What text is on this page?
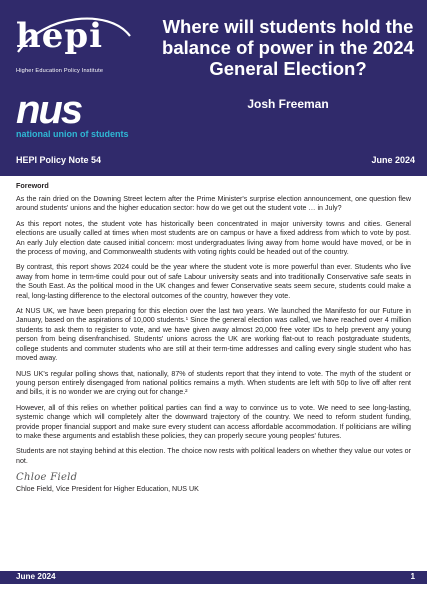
hepi
Higher Education Policy Institute
nus
national union of students
Where will students hold the balance of power in the 2024 General Election?
Josh Freeman
HEPI Policy Note 54	June 2024

Foreword

As the rain dried on the Downing Street lectern after the Prime Minister's surprise election announcement, one question flew around students' unions and the higher education sector: how do we get out the student vote … in July?

As this report notes, the student vote has historically been concentrated in major university towns and cities. General elections are usually called at times when most students are on campus or have a fixed address from which to vote by post. An early July election date caused initial concern: most undergraduates living away from home would have moved, or be in the process of moving, and Commonwealth students with voting rights could be headed out of the country.

By contrast, this report shows 2024 could be the year where the student vote is more powerful than ever. Students who live away from home in term-time could pour out of safe Labour university seats and into traditionally Conservative safe seats in the South East. As the political mood in the UK changes and fewer Conservative seats seem secure, students could make a real, long-lasting difference to the electoral outcomes of the country, however they vote.

At NUS UK, we have been preparing for this election over the last two years. We launched the Manifesto for our Future in January, based on the aspirations of 10,000 students.¹ Since the general election was called, we have reached over 4 million students to ask them to register to vote, and we have given away almost 20,000 free voter IDs to help prevent any young person from being disenfranchised. Students' unions across the UK are working flat-out to reach postgraduate students, college students and commuter students who are still at their term-time addresses and calling every single student who has moved away.

NUS UK's regular polling shows that, nationally, 87% of students report that they intend to vote. The myth of the student or young person entirely disengaged from national politics remains a myth. When students are left with 50p to live off after rent and bills, it is no wonder we are crying out for change.²

However, all of this relies on whether political parties can find a way to convince us to vote. We need to see long-lasting, systemic change which will completely alter the downward trajectory of the country. We need to reform student funding, provide proper financial support and make sure every student can access affordable accommodation. If politicians are willing to make these arguments and establish these policies, they can properly secure young peoples' futures.

Students are not staying behind at this election. The choice now rests with political leaders on whether they value our votes or not.

Chloe Field

Chloe Field, Vice President for Higher Education, NUS UK

June 2024	1
